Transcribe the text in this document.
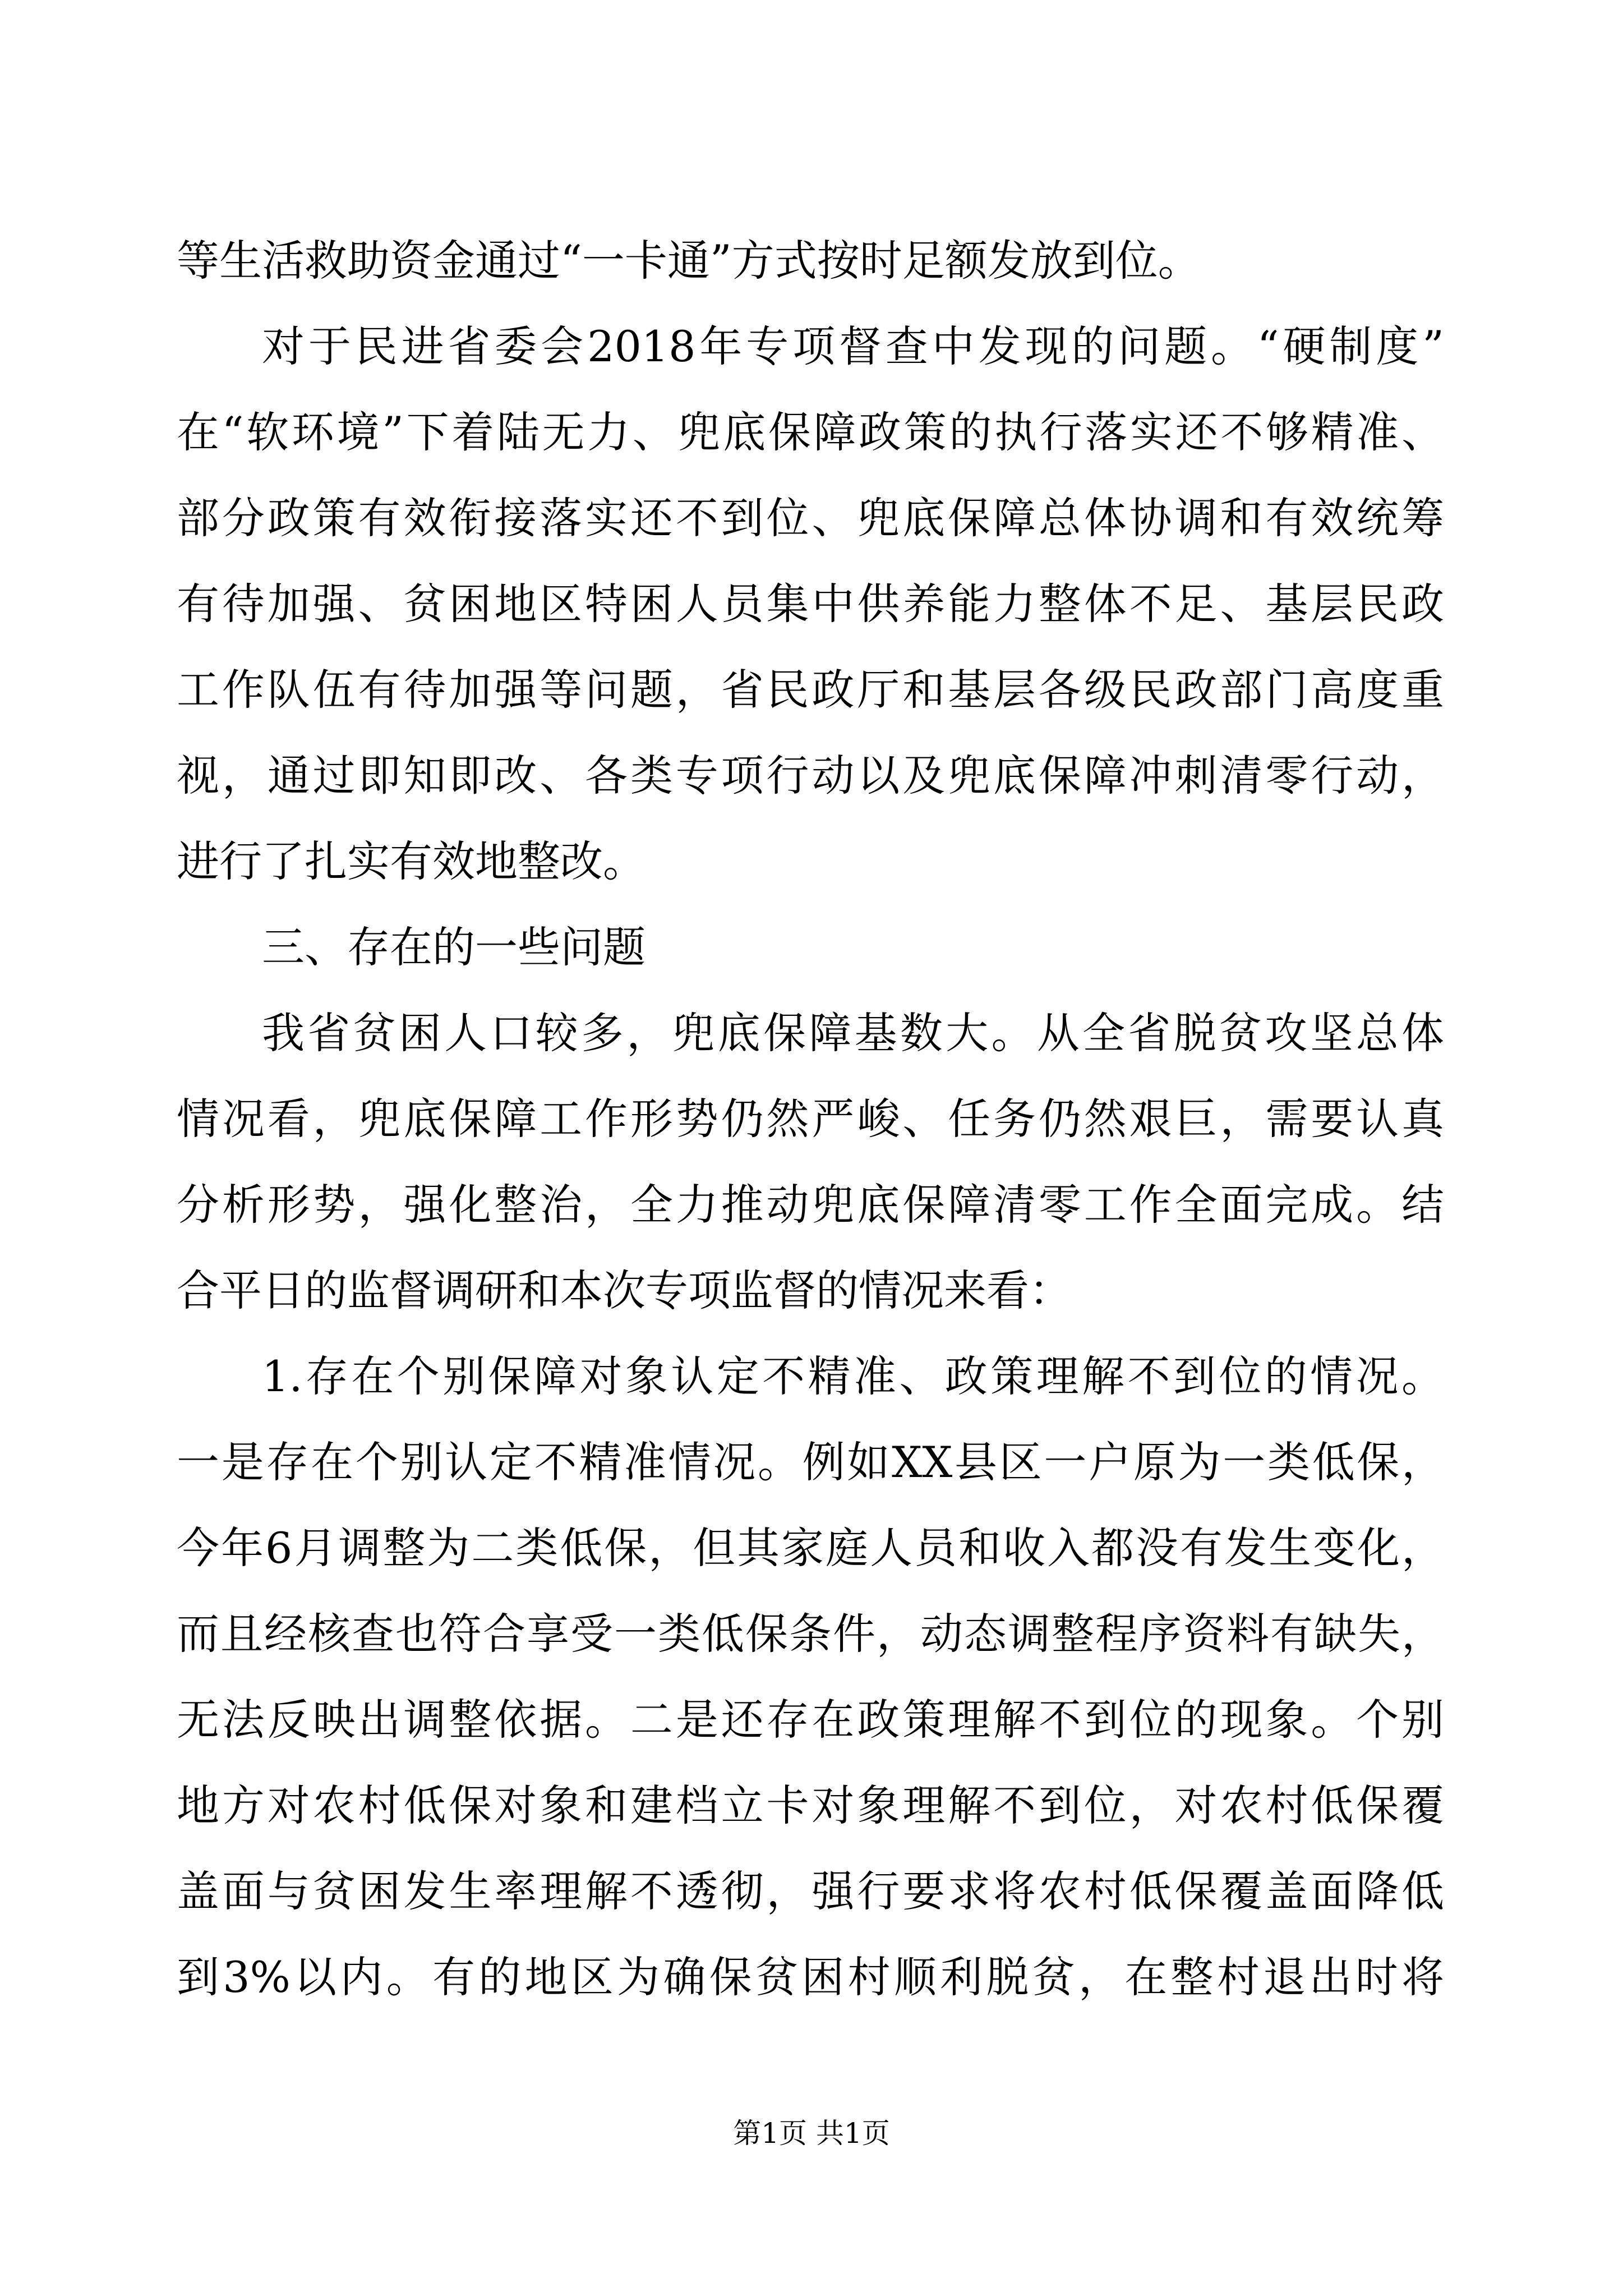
等生活救助资金通过“一卡通”方式按时足额发放到位。
对于民进省委会2018年专项督查中发现的问题。“硬制度”
在“软环境”下着陆无力、兜底保障政策的执行落实还不够精准、
部分政策有效衔接落实还不到位、兜底保障总体协调和有效统筹
有待加强、贫困地区特困人员集中供养能力整体不足、基层民政
工作队伍有待加强等问题，省民政厅和基层各级民政部门高度重
视，通过即知即改、各类专项行动以及兜底保障冲刺清零行动，
进行了扎实有效地整改。
三、存在的一些问题
我省贫困人口较多，兜底保障基数大。从全省脱贫攻坚总体
情况看，兜底保障工作形势仍然严峻、任务仍然艰巨，需要认真
分析形势，强化整治，全力推动兜底保障清零工作全面完成。结
合平日的监督调研和本次专项监督的情况来看：
1.存在个别保障对象认定不精准、政策理解不到位的情况。
一是存在个别认定不精准情况。例如XX县区一户原为一类低保，
今年6月调整为二类低保，但其家庭人员和收入都没有发生变化，
而且经核查也符合享受一类低保条件，动态调整程序资料有缺失，
无法反映出调整依据。二是还存在政策理解不到位的现象。个别
地方对农村低保对象和建档立卡对象理解不到位，对农村低保覆
盖面与贫困发生率理解不透彻，强行要求将农村低保覆盖面降低
到3%以内。有的地区为确保贫困村顺利脱贫，在整村退出时将
第1页 共1页
